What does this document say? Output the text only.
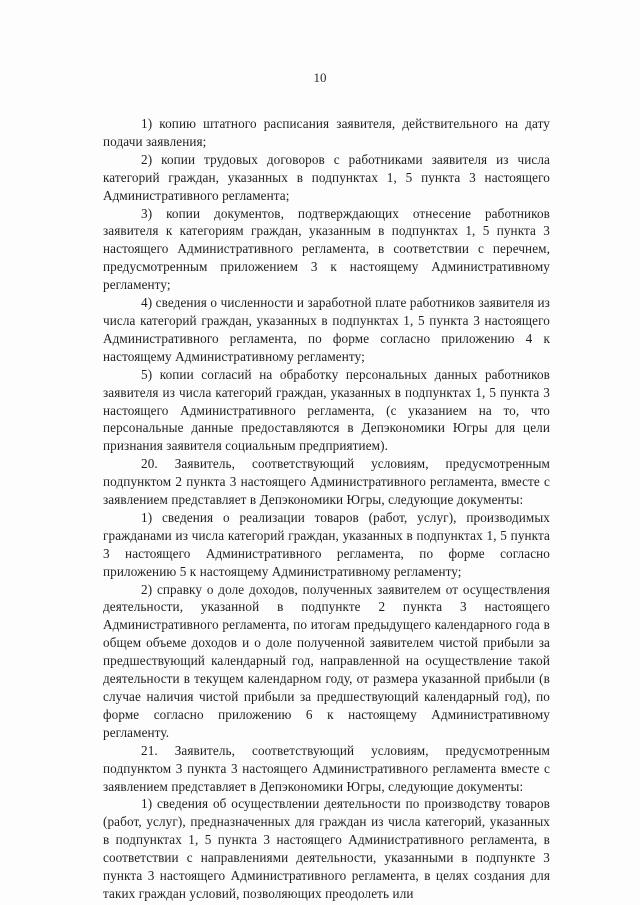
10

1) копию штатного расписания заявителя, действительного на дату подачи заявления;

2) копии трудовых договоров с работниками заявителя из числа категорий граждан, указанных в подпунктах 1, 5 пункта 3 настоящего Административного регламента;

3) копии документов, подтверждающих отнесение работников заявителя к категориям граждан, указанным в подпунктах 1, 5 пункта 3 настоящего Административного регламента, в соответствии с перечнем, предусмотренным приложением 3 к настоящему Административному регламенту;

4) сведения о численности и заработной плате работников заявителя из числа категорий граждан, указанных в подпунктах 1, 5 пункта 3 настоящего Административного регламента, по форме согласно приложению 4 к настоящему Административному регламенту;

5) копии согласий на обработку персональных данных работников заявителя из числа категорий граждан, указанных в подпунктах 1, 5 пункта 3 настоящего Административного регламента, (с указанием на то, что персональные данные предоставляются в Депэкономики Югры для цели признания заявителя социальным предприятием).

20. Заявитель, соответствующий условиям, предусмотренным подпунктом 2 пункта 3 настоящего Административного регламента, вместе с заявлением представляет в Депэкономики Югры, следующие документы:

1) сведения о реализации товаров (работ, услуг), производимых гражданами из числа категорий граждан, указанных в подпунктах 1, 5 пункта 3 настоящего Административного регламента, по форме согласно приложению 5 к настоящему Административному регламенту;

2) справку о доле доходов, полученных заявителем от осуществления деятельности, указанной в подпункте 2 пункта 3 настоящего Административного регламента, по итогам предыдущего календарного года в общем объеме доходов и о доле полученной заявителем чистой прибыли за предшествующий календарный год, направленной на осуществление такой деятельности в текущем календарном году, от размера указанной прибыли (в случае наличия чистой прибыли за предшествующий календарный год), по форме согласно приложению 6 к настоящему Административному регламенту.

21. Заявитель, соответствующий условиям, предусмотренным подпунктом 3 пункта 3 настоящего Административного регламента вместе с заявлением представляет в Депэкономики Югры, следующие документы:

1) сведения об осуществлении деятельности по производству товаров (работ, услуг), предназначенных для граждан из числа категорий, указанных в подпунктах 1, 5 пункта 3 настоящего Административного регламента, в соответствии с направлениями деятельности, указанными в подпункте 3 пункта 3 настоящего Административного регламента, в целях создания для таких граждан условий, позволяющих преодолеть или
